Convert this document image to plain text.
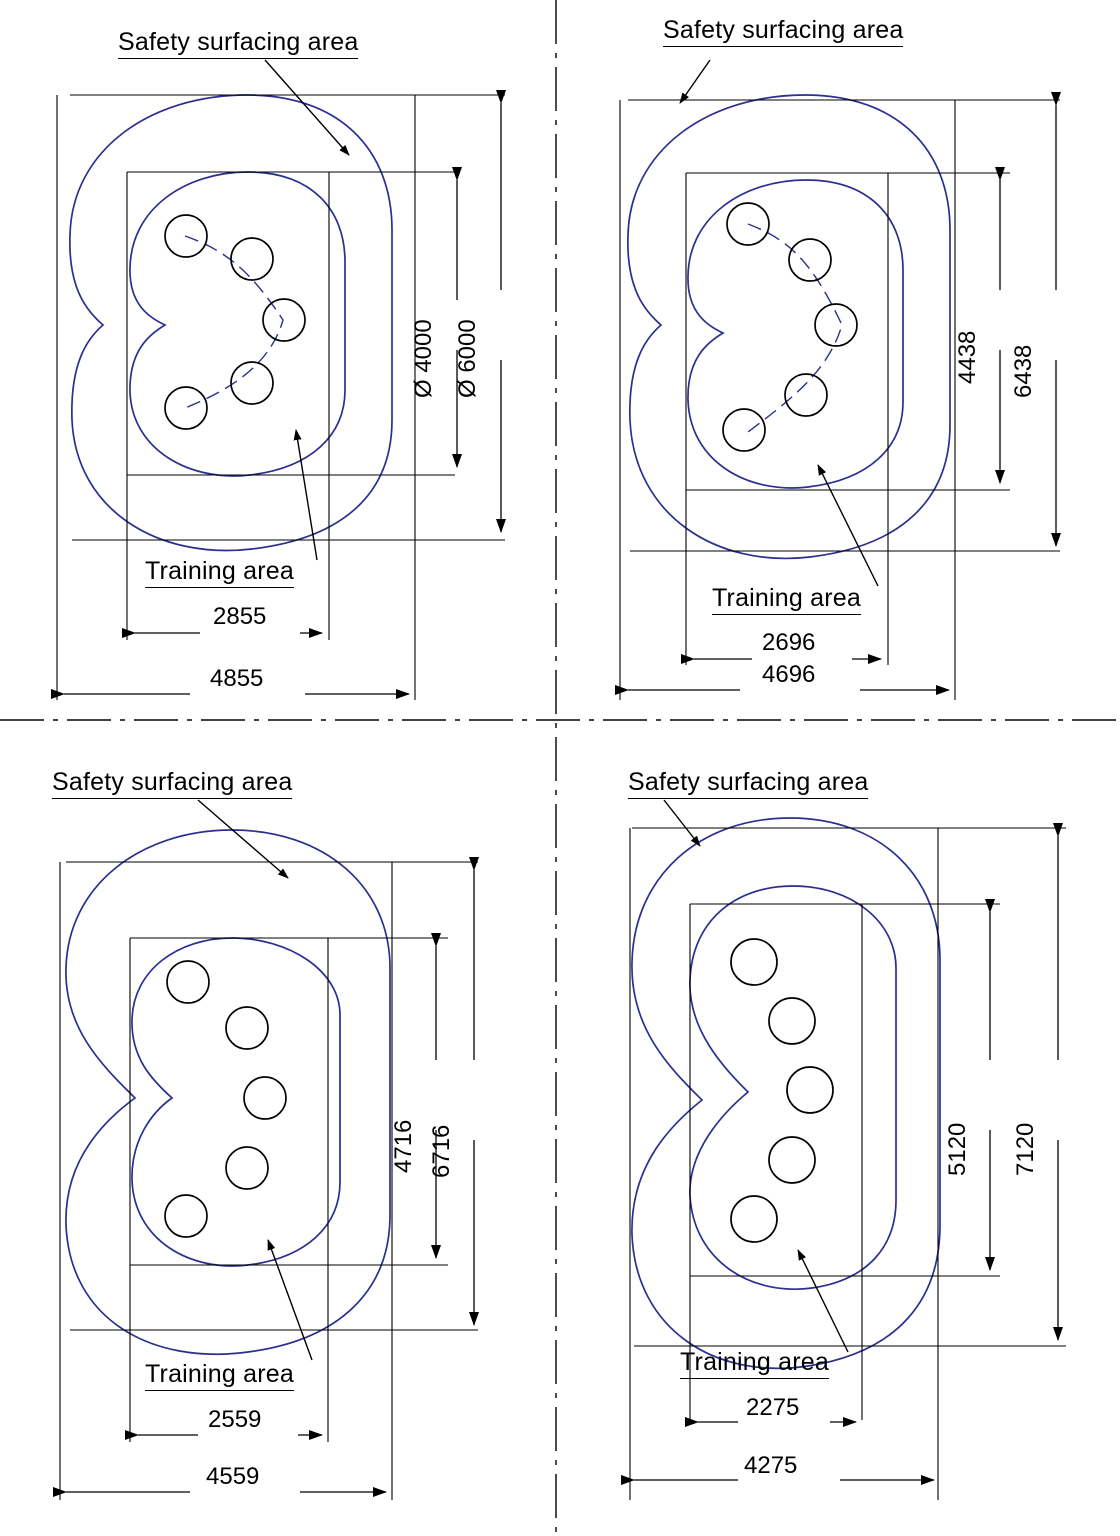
Safety surfacing area
Training area
Ø 4000 Ø 6000
2855
4855
Safety surfacing area
Training area
4438 6438
2696
4696
Safety surfacing area
Training area
4716 6716
2559
4559
Safety surfacing area
Training area
5120 7120
2275
4275
